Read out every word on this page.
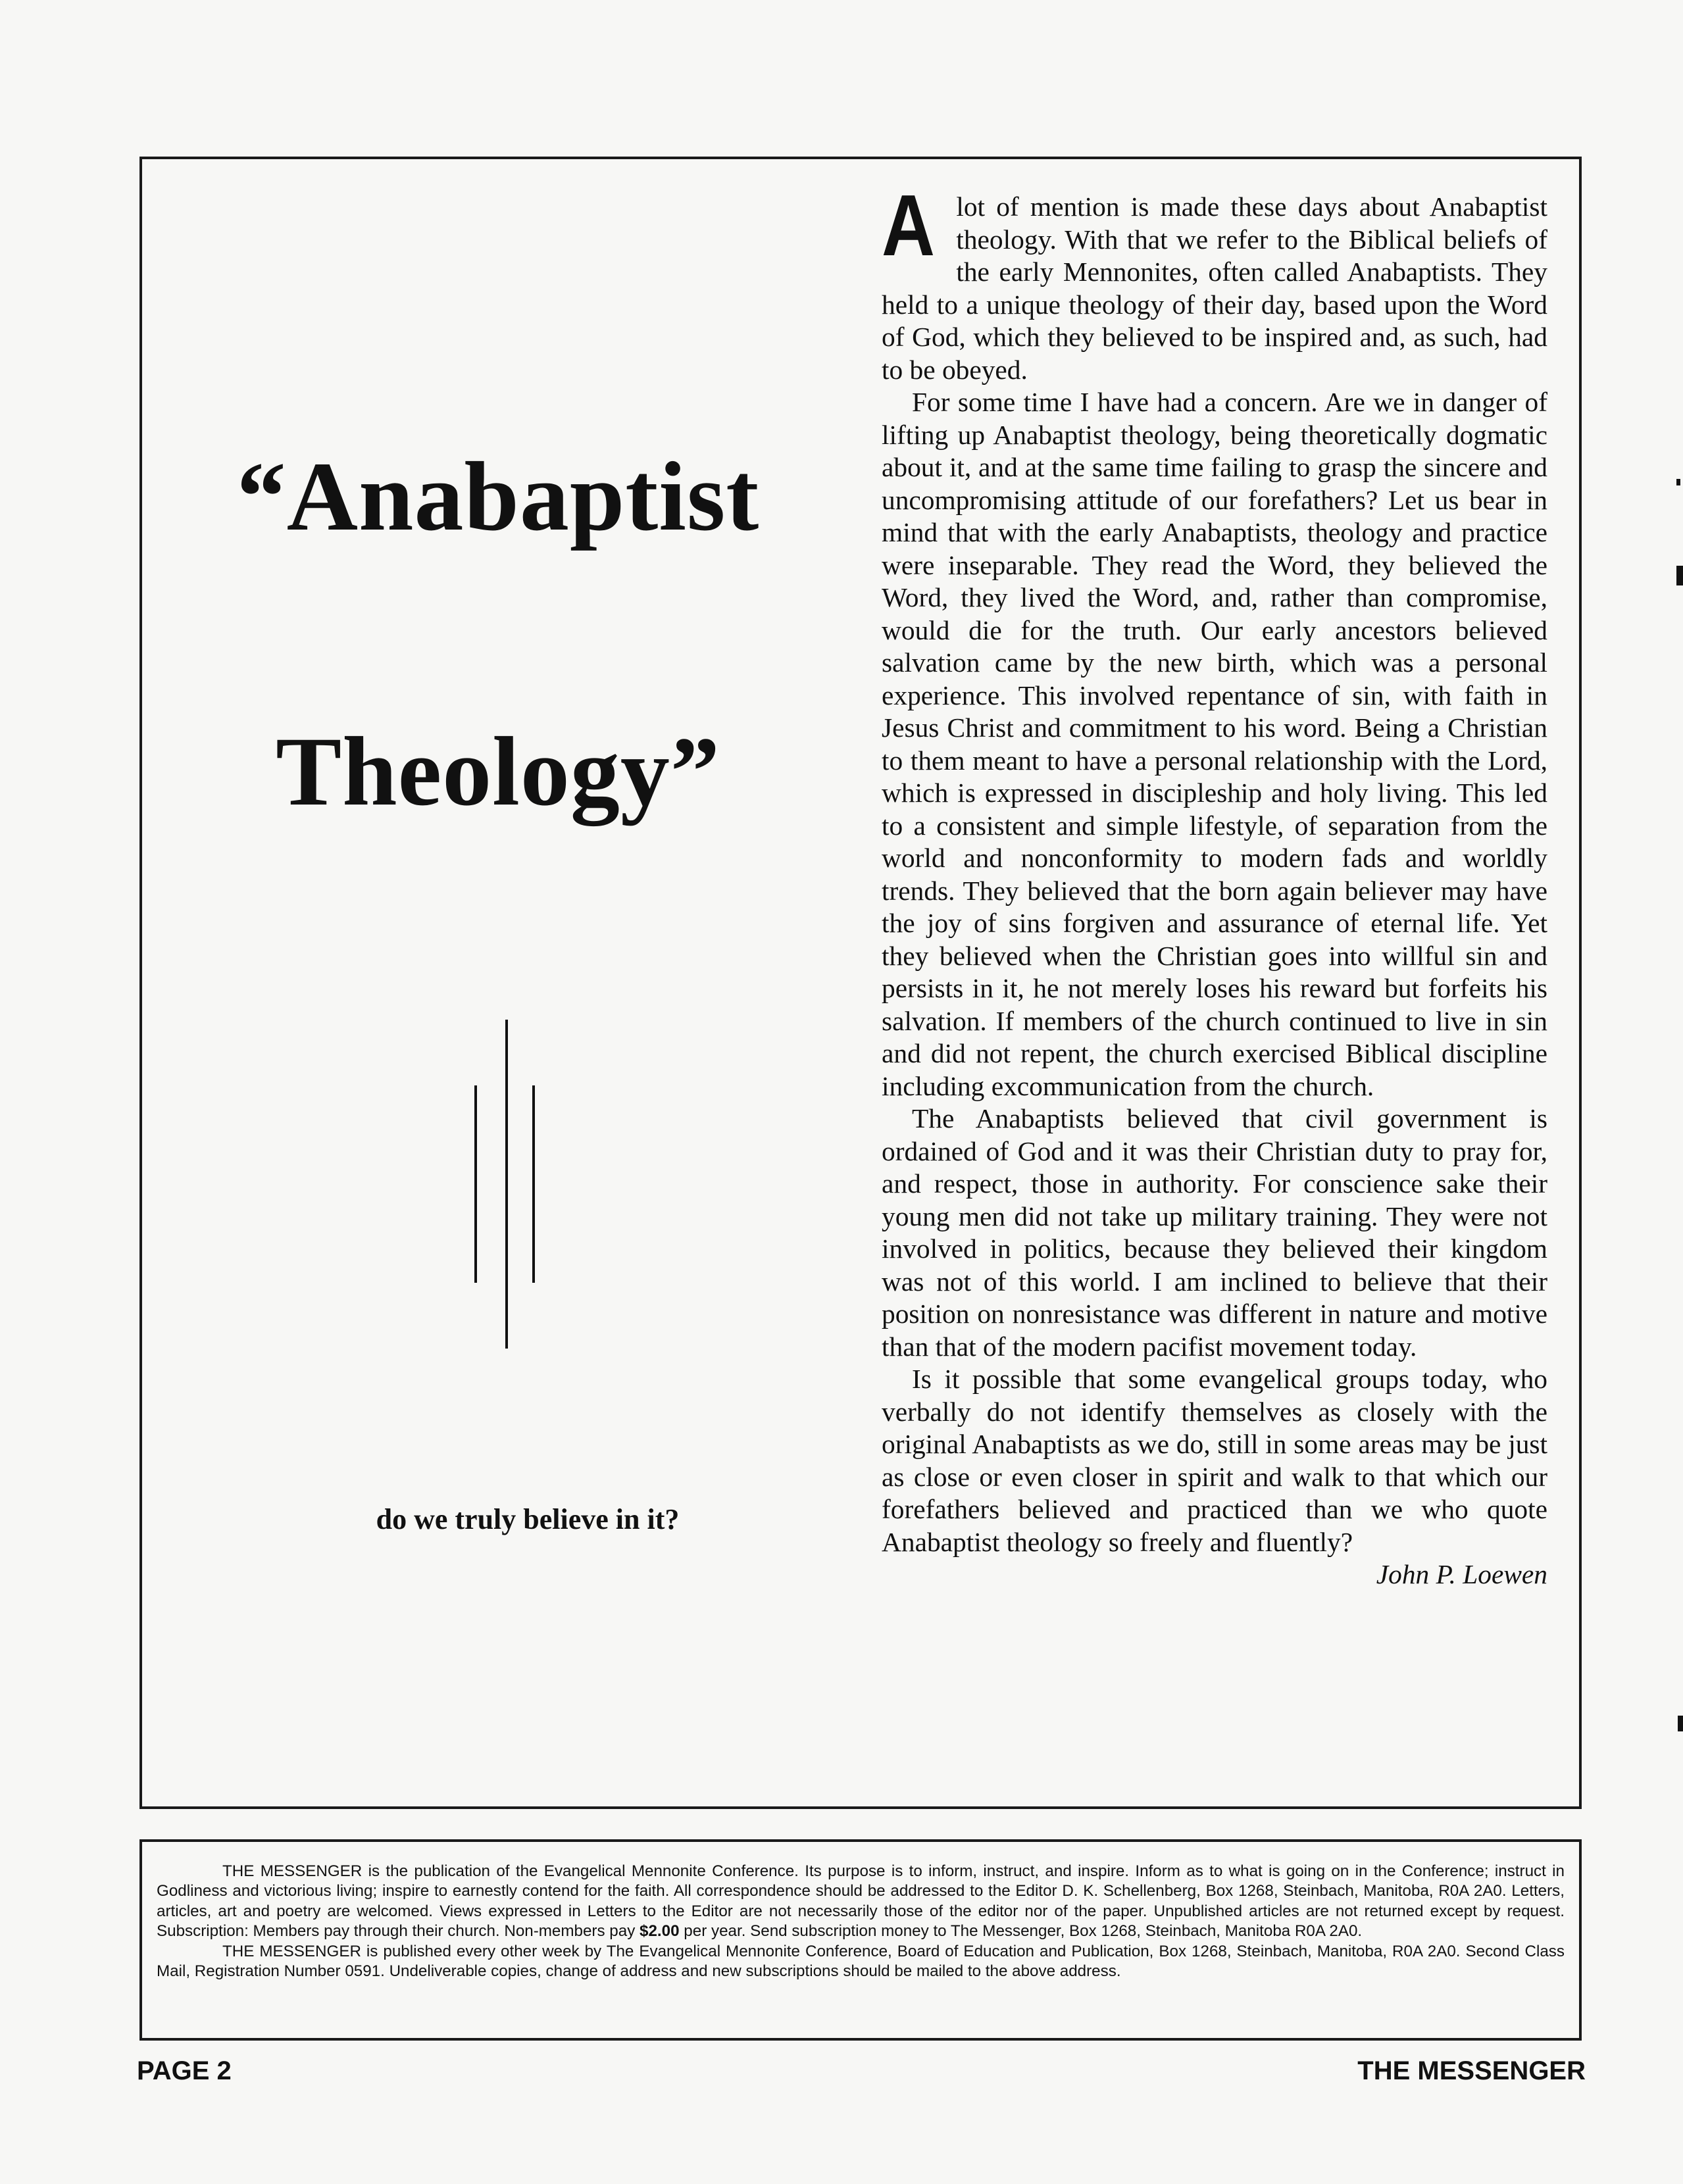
“Anabaptist
Theology”
do we truly believe in it?

Alot of mention is made these days about Anabaptist theology. With that we refer to the Biblical beliefs of the early Mennonites, often called Anabaptists. They held to a unique theology of their day, based upon the Word of God, which they believed to be inspired and, as such, had to be obeyed.

For some time I have had a concern. Are we in danger of lifting up Anabaptist theology, being theoretically dogmatic about it, and at the same time failing to grasp the sincere and uncompromising attitude of our forefathers? Let us bear in mind that with the early Anabaptists, theology and practice were inseparable. They read the Word, they believed the Word, they lived the Word, and, rather than compromise, would die for the truth. Our early ancestors believed salvation came by the new birth, which was a personal experience. This involved repentance of sin, with faith in Jesus Christ and commitment to his word. Being a Christian to them meant to have a personal relationship with the Lord, which is expressed in discipleship and holy living. This led to a consistent and simple lifestyle, of separation from the world and nonconformity to modern fads and worldly trends. They believed that the born again believer may have the joy of sins forgiven and assurance of eternal life. Yet they believed when the Christian goes into willful sin and persists in it, he not merely loses his reward but forfeits his salvation. If members of the church continued to live in sin and did not repent, the church exercised Biblical discipline including excommunication from the church.

The Anabaptists believed that civil government is ordained of God and it was their Christian duty to pray for, and respect, those in authority. For conscience sake their young men did not take up military training. They were not involved in politics, because they believed their kingdom was not of this world. I am inclined to believe that their position on nonresistance was different in nature and motive than that of the modern pacifist movement today.

Is it possible that some evangelical groups today, who verbally do not identify themselves as closely with the original Anabaptists as we do, still in some areas may be just as close or even closer in spirit and walk to that which our forefathers believed and practiced than we who quote Anabaptist theology so freely and fluently?

John P. Loewen

THE MESSENGER is the publication of the Evangelical Mennonite Conference. Its purpose is to inform, instruct, and inspire. Inform as to what is going on in the Conference; instruct in Godliness and victorious living; inspire to earnestly contend for the faith. All correspondence should be addressed to the Editor D. K. Schellenberg, Box 1268, Steinbach, Manitoba, R0A 2A0. Letters, articles, art and poetry are welcomed. Views expressed in Letters to the Editor are not necessarily those of the editor nor of the paper. Unpublished articles are not returned except by request. Subscription: Members pay through their church. Non-members pay $2.00 per year. Send subscription money to The Messenger, Box 1268, Steinbach, Manitoba R0A 2A0.

THE MESSENGER is published every other week by The Evangelical Mennonite Conference, Board of Education and Publication, Box 1268, Steinbach, Manitoba, R0A 2A0. Second Class Mail, Registration Number 0591. Undeliverable copies, change of address and new subscriptions should be mailed to the above address.

PAGE 2	THE MESSENGER
